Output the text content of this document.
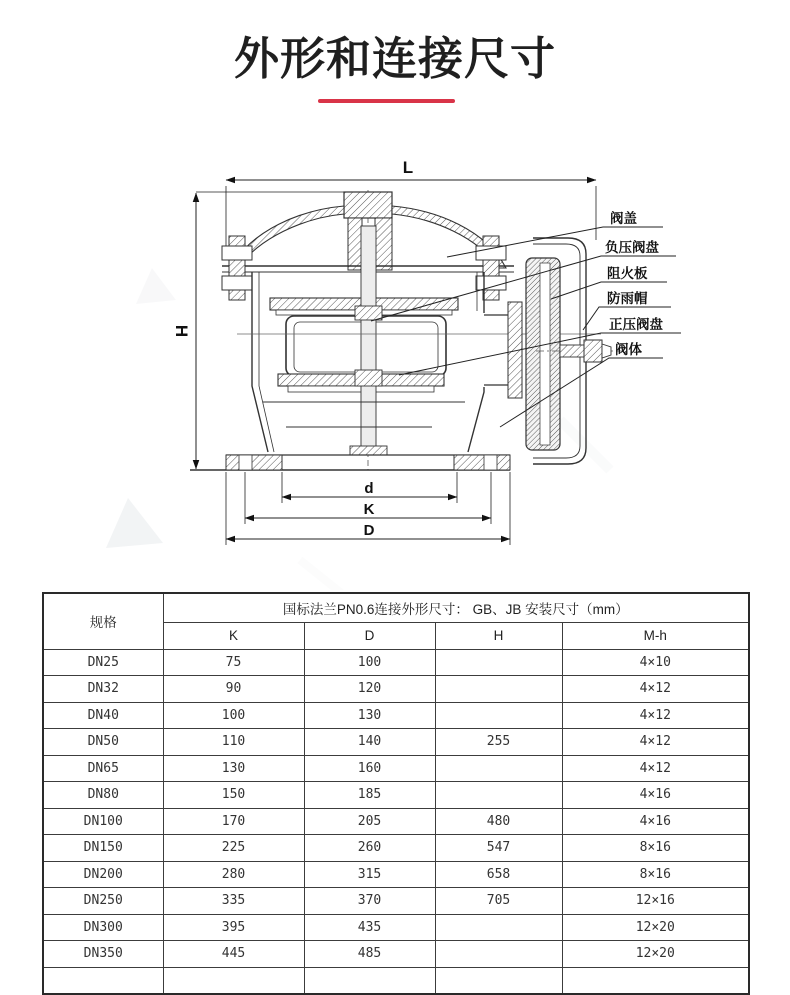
外形和连接尺寸
L
H
阀盖
负压阀盘
阻火板
防雨帽
正压阀盘
阀体
d
K
D
规格	国标法兰PN0.6连接外形尺寸： GB、JB 安装尺寸（mm）			
	K	D	H	M-h
DN25	75	100		4×10
DN32	90	120		4×12
DN40	100	130		4×12
DN50	110	140	255	4×12
DN65	130	160		4×12
DN80	150	185		4×16
DN100	170	205	480	4×16
DN150	225	260	547	8×16
DN200	280	315	658	8×16
DN250	335	370	705	12×16
DN300	395	435		12×20
DN350	445	485		12×20
